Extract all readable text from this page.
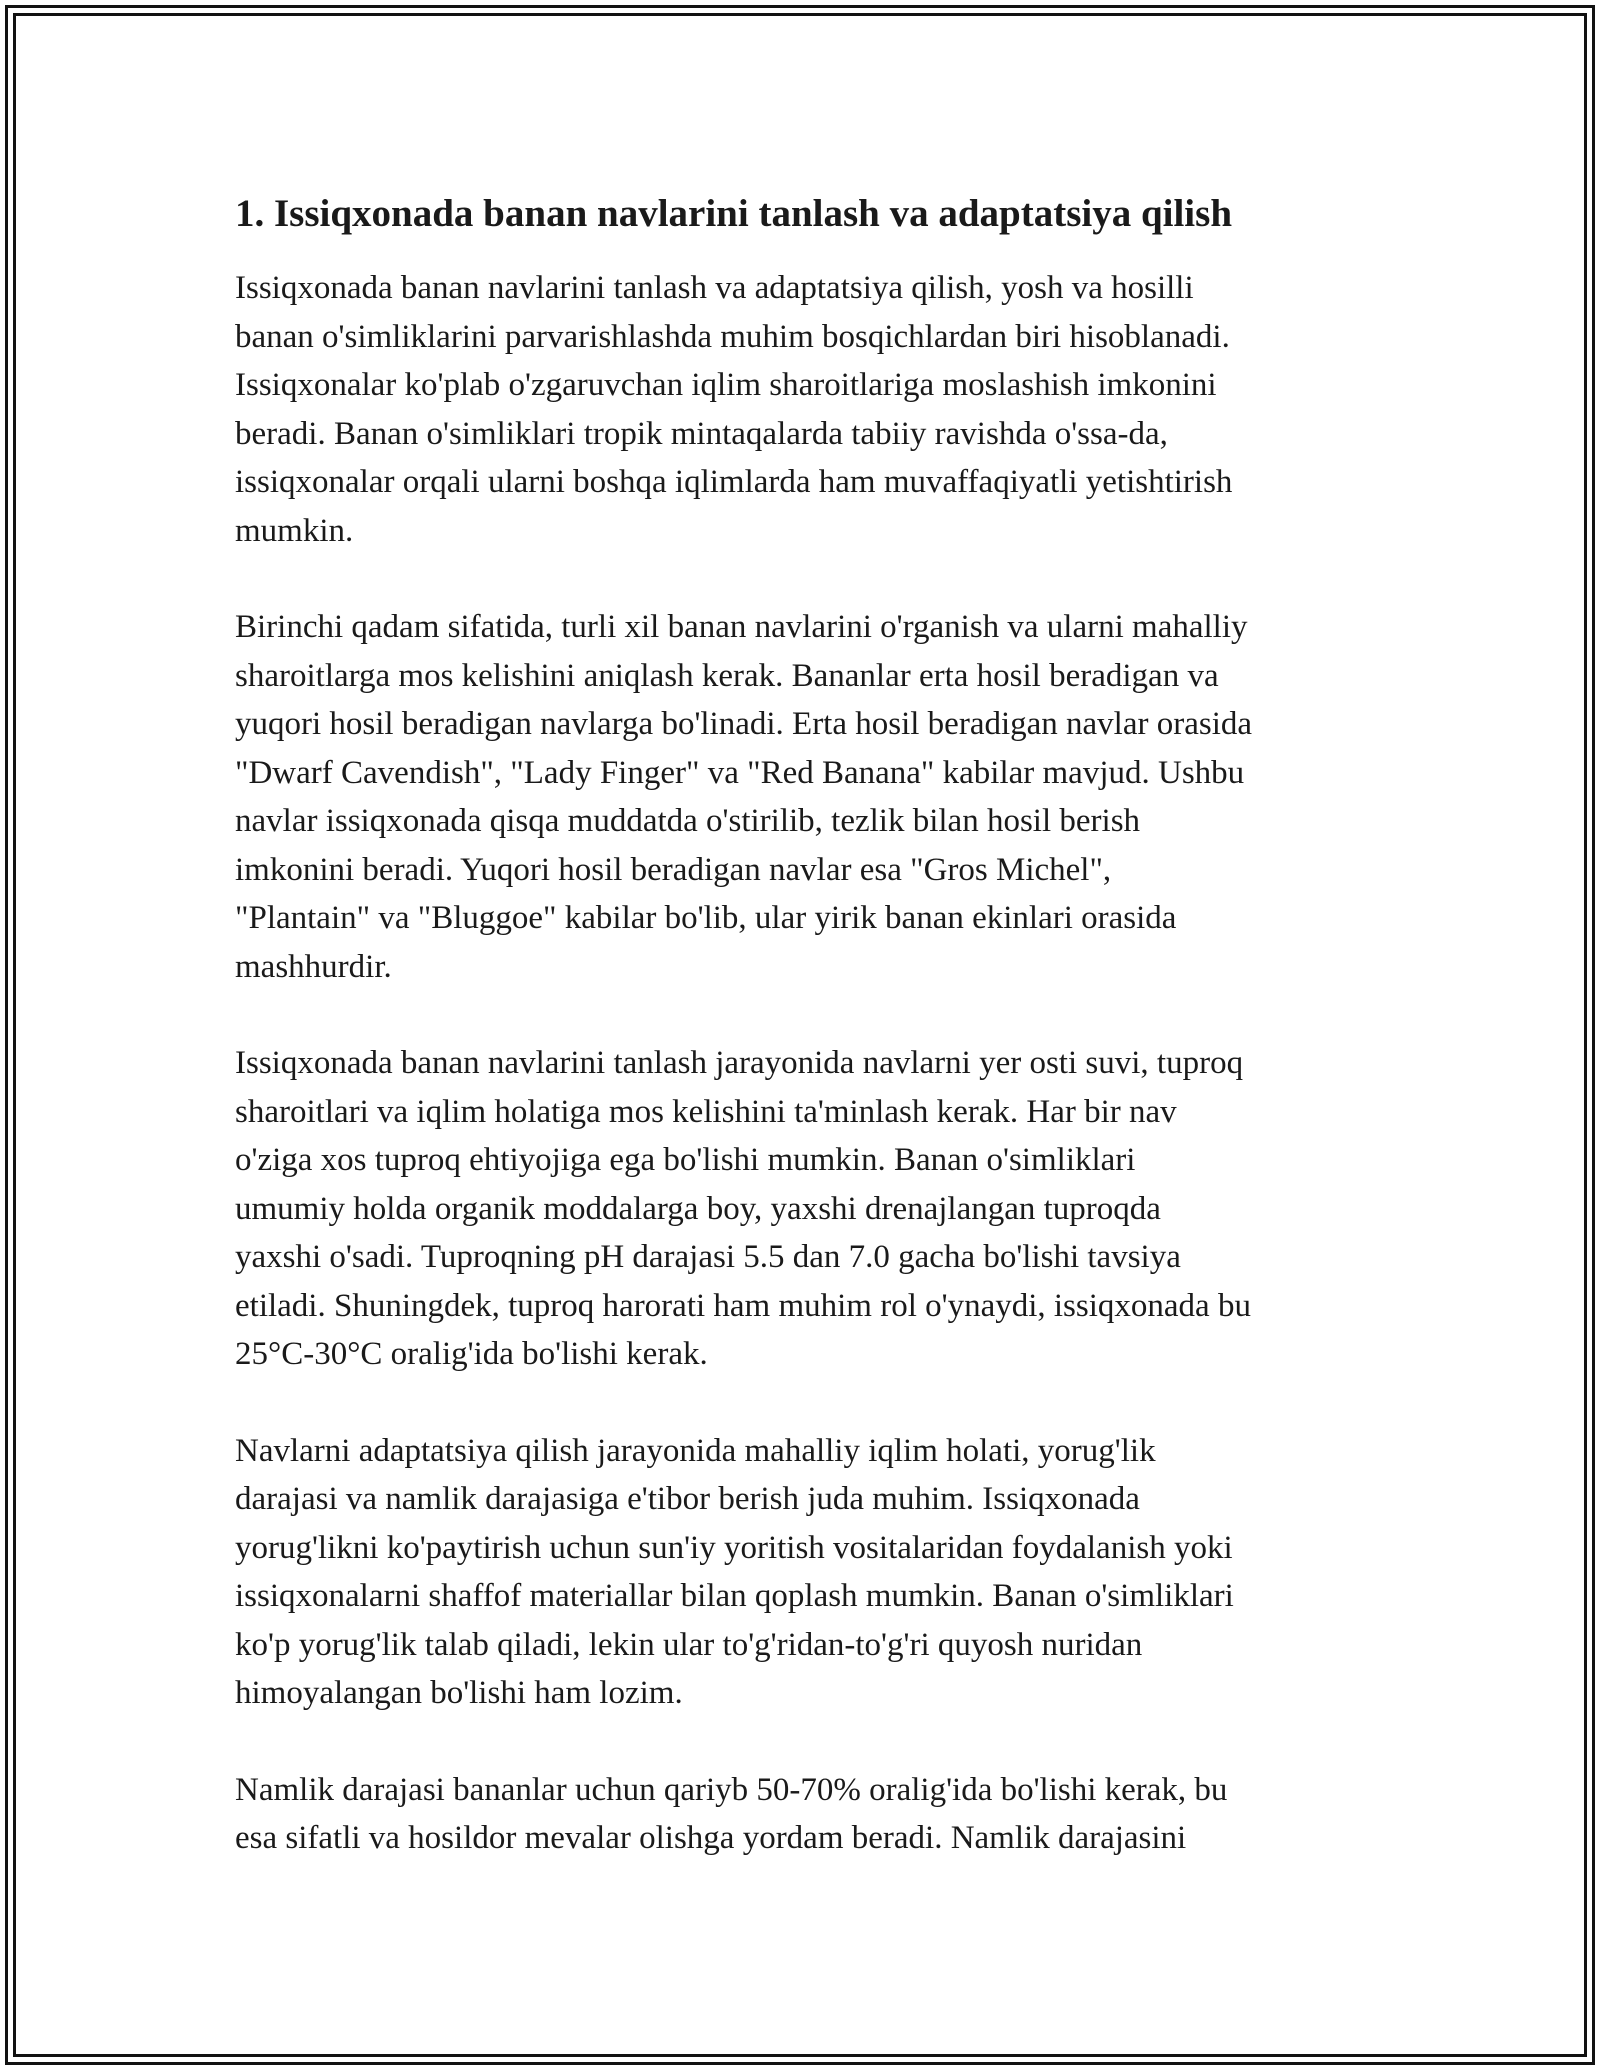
1. Issiqxonada banan navlarini tanlash va adaptatsiya qilish

Issiqxonada banan navlarini tanlash va adaptatsiya qilish, yosh va hosilli
banan o'simliklarini parvarishlashda muhim bosqichlardan biri hisoblanadi.
Issiqxonalar ko'plab o'zgaruvchan iqlim sharoitlariga moslashish imkonini
beradi. Banan o'simliklari tropik mintaqalarda tabiiy ravishda o'ssa-da,
issiqxonalar orqali ularni boshqa iqlimlarda ham muvaffaqiyatli yetishtirish
mumkin.

Birinchi qadam sifatida, turli xil banan navlarini o'rganish va ularni mahalliy
sharoitlarga mos kelishini aniqlash kerak. Bananlar erta hosil beradigan va
yuqori hosil beradigan navlarga bo'linadi. Erta hosil beradigan navlar orasida
"Dwarf Cavendish", "Lady Finger" va "Red Banana" kabilar mavjud. Ushbu
navlar issiqxonada qisqa muddatda o'stirilib, tezlik bilan hosil berish
imkonini beradi. Yuqori hosil beradigan navlar esa "Gros Michel",
"Plantain" va "Bluggoe" kabilar bo'lib, ular yirik banan ekinlari orasida
mashhurdir.

Issiqxonada banan navlarini tanlash jarayonida navlarni yer osti suvi, tuproq
sharoitlari va iqlim holatiga mos kelishini ta'minlash kerak. Har bir nav
o'ziga xos tuproq ehtiyojiga ega bo'lishi mumkin. Banan o'simliklari
umumiy holda organik moddalarga boy, yaxshi drenajlangan tuproqda
yaxshi o'sadi. Tuproqning pH darajasi 5.5 dan 7.0 gacha bo'lishi tavsiya
etiladi. Shuningdek, tuproq harorati ham muhim rol o'ynaydi, issiqxonada bu
25°C-30°C oralig'ida bo'lishi kerak.

Navlarni adaptatsiya qilish jarayonida mahalliy iqlim holati, yorug'lik
darajasi va namlik darajasiga e'tibor berish juda muhim. Issiqxonada
yorug'likni ko'paytirish uchun sun'iy yoritish vositalaridan foydalanish yoki
issiqxonalarni shaffof materiallar bilan qoplash mumkin. Banan o'simliklari
ko'p yorug'lik talab qiladi, lekin ular to'g'ridan-to'g'ri quyosh nuridan
himoyalangan bo'lishi ham lozim.

Namlik darajasi bananlar uchun qariyb 50-70% oralig'ida bo'lishi kerak, bu
esa sifatli va hosildor mevalar olishga yordam beradi. Namlik darajasini
